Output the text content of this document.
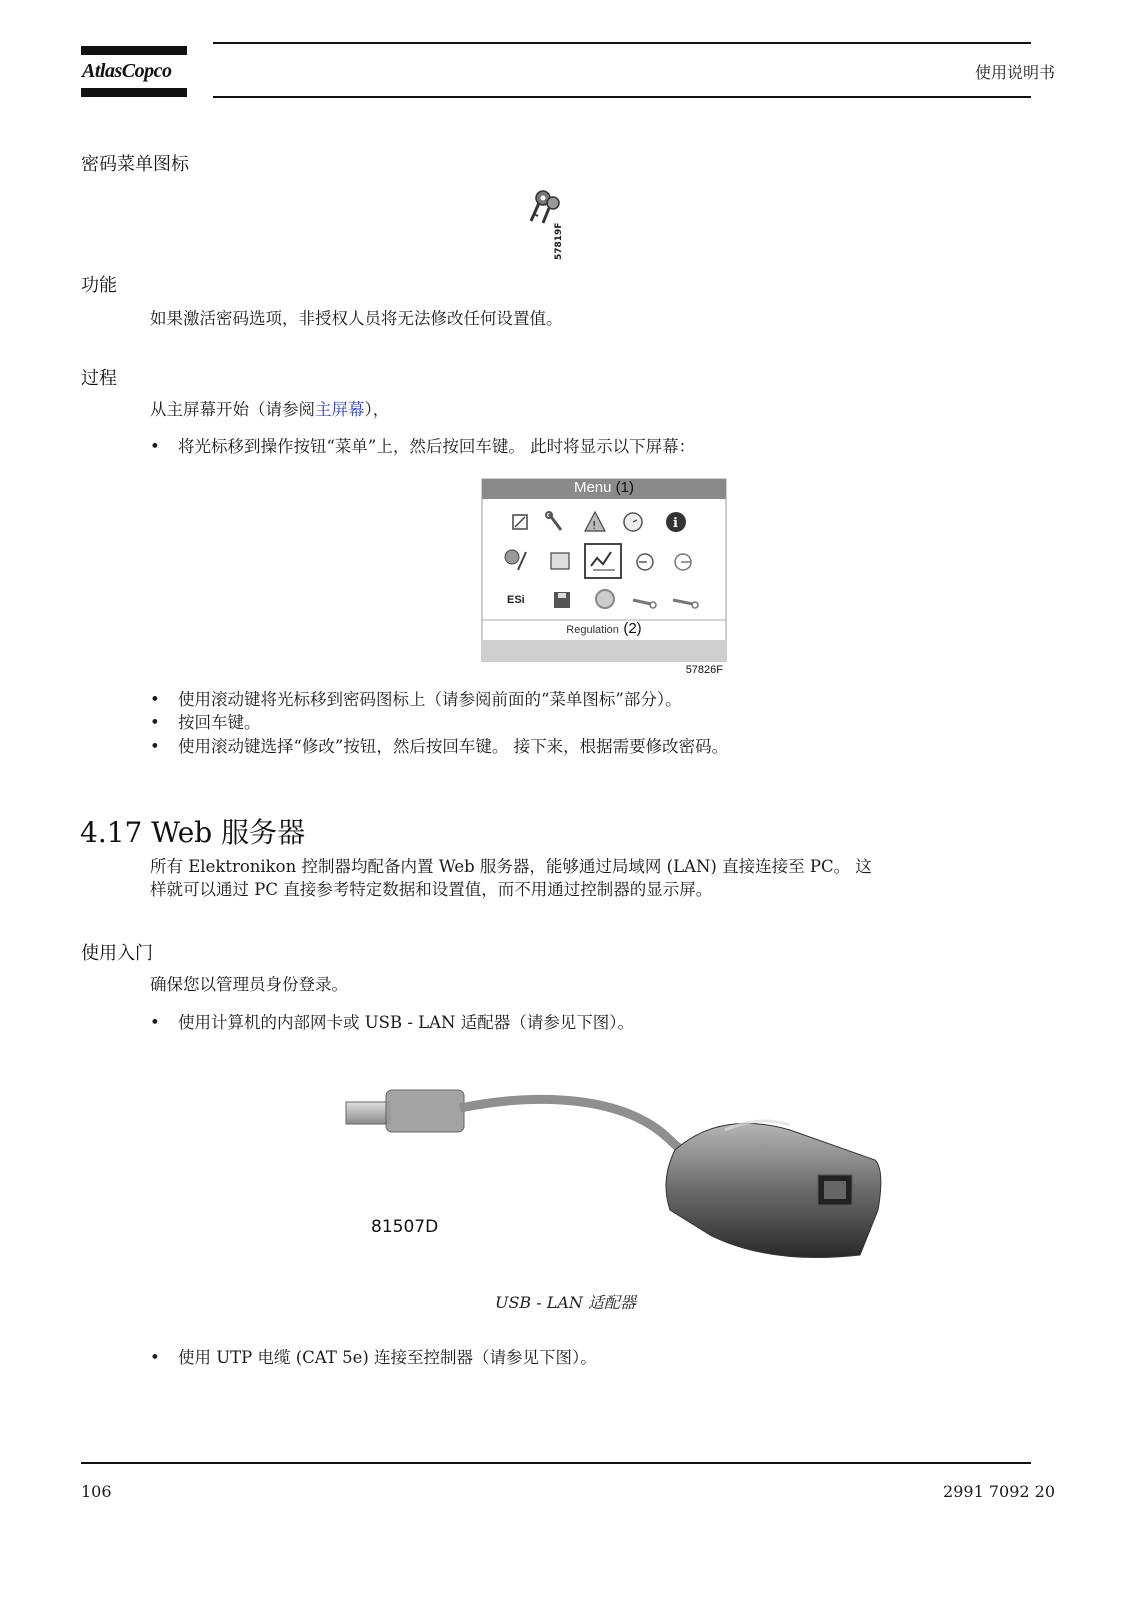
AtlasCopco	使用说明书
密码菜单图标
57819F
功能
如果激活密码选项，非授权人员将无法修改任何设置值。
过程
从主屏幕开始（请参阅主屏幕），
• 将光标移到操作按钮“菜单”上，然后按回车键。 此时将显示以下屏幕：
!	i
Menu (1)
ESi
Regulation (2)
57826F
• 使用滚动键将光标移到密码图标上（请参阅前面的“菜单图标”部分）。
• 按回车键。
• 使用滚动键选择“修改”按钮，然后按回车键。 接下来，根据需要修改密码。
4.17 Web 服务器
所有 Elektronikon 控制器均配备内置 Web 服务器，能够通过局域网 (LAN) 直接连接至 PC。 这
样就可以通过 PC 直接参考特定数据和设置值，而不用通过控制器的显示屏。
使用入门
确保您以管理员身份登录。
• 使用计算机的内部网卡或 USB - LAN 适配器（请参见下图）。
81507D
USB - LAN 适配器
• 使用 UTP 电缆 (CAT 5e) 连接至控制器（请参见下图）。
106	2991 7092 20
